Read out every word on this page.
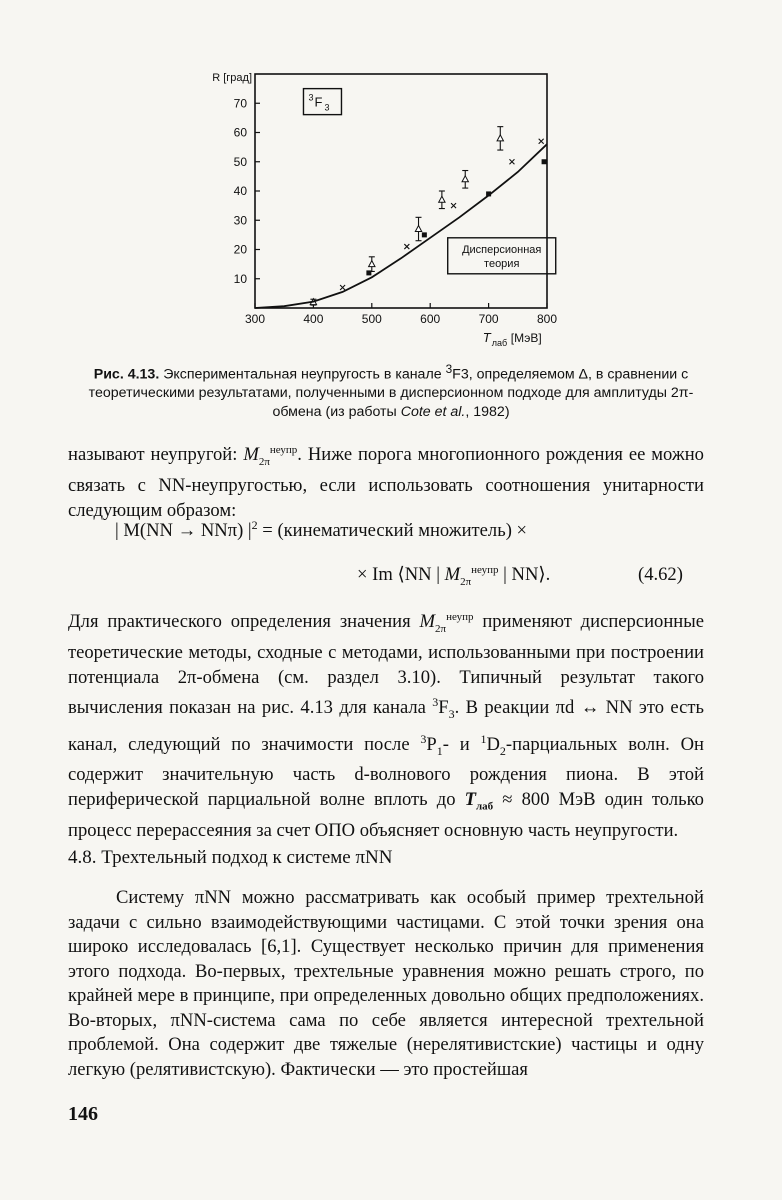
300	400	500	600	700	800
10
20
30
40
50
60
70
R [град]
T лаб [МэВ]
3 F 3
Дисперсионная
теория
Рис. 4.13. Экспериментальная неупругость в канале $^3$F3, определяемом Δ, в сравнении с теоретическими результатами, полученными в дисперсионном подходе для амплитуды 2π-обмена (из работы Cote et al., 1982)
называют неупругой: $M_{2\pi}^{неупр}$. Ниже порога многопионного рождения ее можно связать с NN-неупругостью, если использовать соотношения унитарности следующим образом:
| M(NN → NNπ) $|^2$ = (кинематический множитель) ×
× Im ⟨NN | $M_{2\pi}^{неупр}$ | NN⟩.	(4.62)
Для практического определения значения $M_{2\pi}^{неупр}$ применяют дисперсионные теоретические методы, сходные с методами, использованными при построении потенциала 2π-обмена (см. раздел 3.10). Типичный результат такого вычисления показан на рис. 4.13 для канала $^3F_3$. В реакции πd ↔ NN это есть канал, следующий по значимости после $^3P_1-$ и $^1D_2$-парциальных волн. Он содержит значительную часть d-волнового рождения пиона. В этой периферической парциальной волне вплоть до $T_{лаб} \approx 800$ МэВ один только процесс перерассеяния за счет ОПО объясняет основную часть неупругости.
4.8. Трехтельный подход к системе πNN
Систему πNN можно рассматривать как особый пример трехтельной задачи с сильно взаимодействующими частицами. С этой точки зрения она широко исследовалась [6,1]. Существует несколько причин для применения этого подхода. Во-первых, трехтельные уравнения можно решать строго, по крайней мере в принципе, при определенных довольно общих предположениях. Во-вторых, πNN-система сама по себе является интересной трехтельной проблемой. Она содержит две тяжелые (нерелятивистские) частицы и одну легкую (релятивистскую). Фактически — это простейшая
146
